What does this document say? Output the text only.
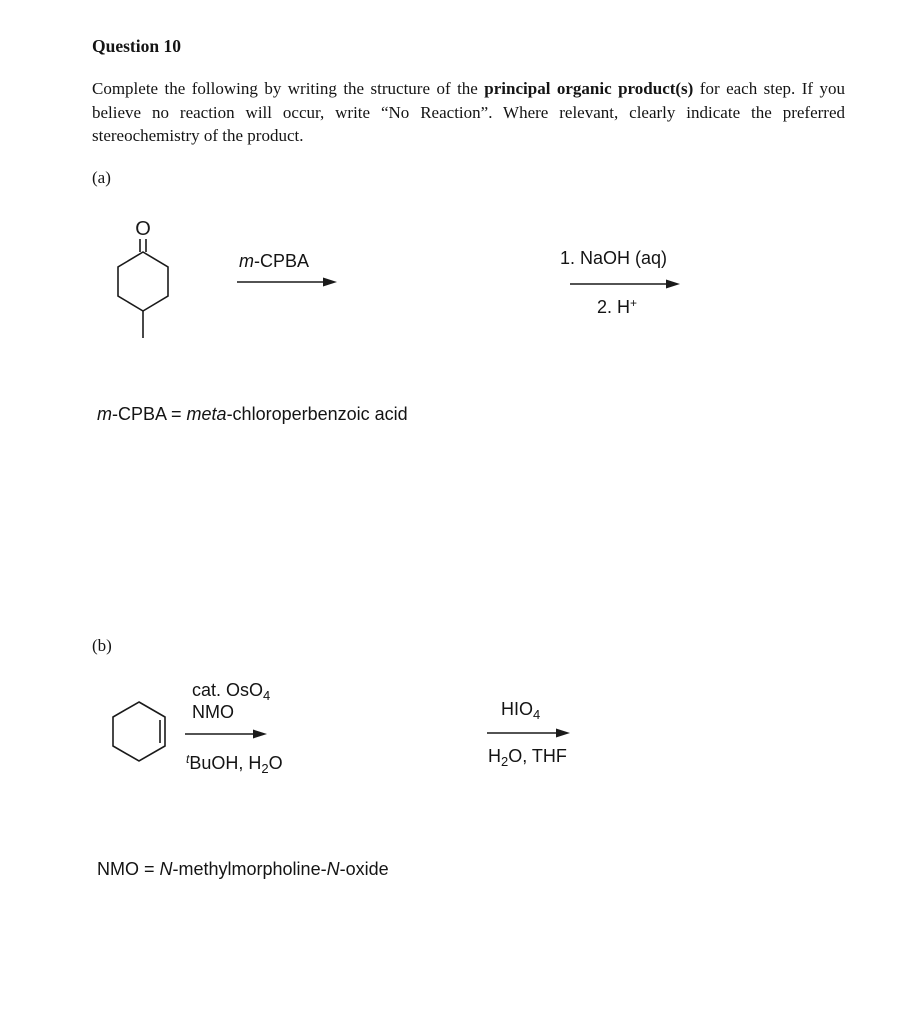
Question 10

Complete the following by writing the structure of the principal organic product(s) for each step. If you believe no reaction will occur, write “No Reaction”. Where relevant, clearly indicate the preferred stereochemistry of the product.

(a)
O
m-CPBA	1. NaOH (aq)
2. H+
m-CPBA = meta-chloroperbenzoic acid
(b)
cat. OsO$_4$
NMO
$^t$BuOH, $H_2O$
$HIO_4$
$H_2O$, THF
NMO = N-methylmorpholine-N-oxide
